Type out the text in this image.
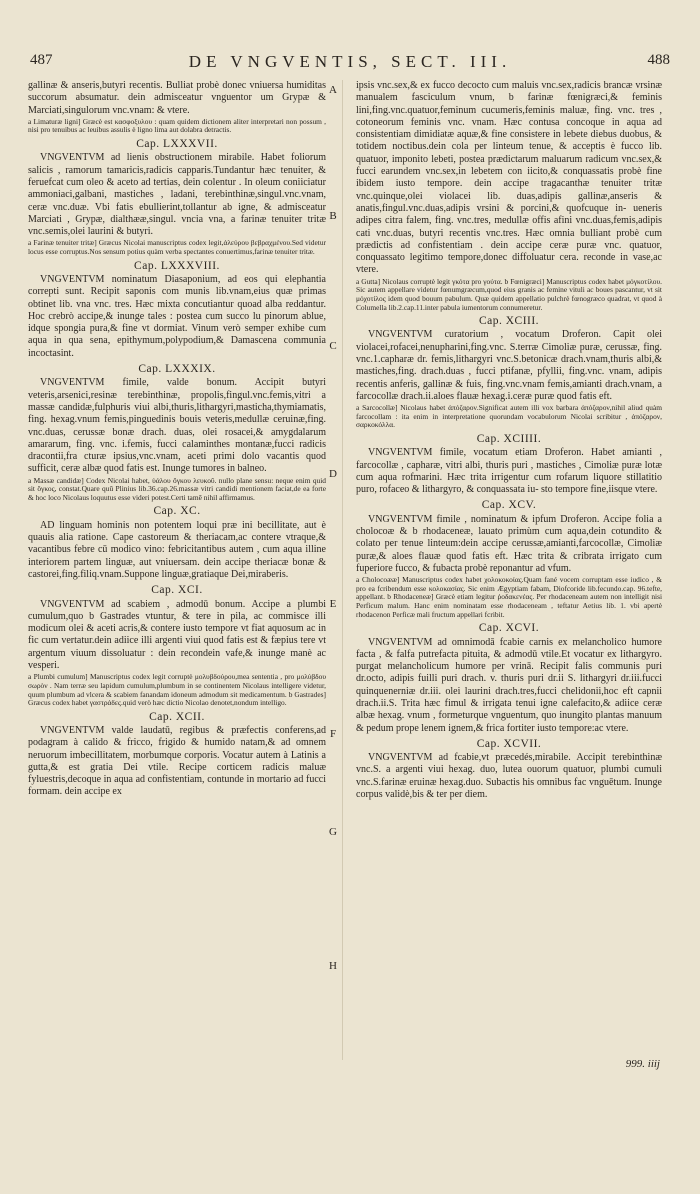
487	DE VNGVENTIS, SECT. III.	488
A
B
C
D
E
F
G
H

gallinæ & anseris,butyri recentis. Bulliat probè donec vniuersa humiditas succorum absumatur. dein admisceatur vnguentor um Grypæ & Marciati,singulorum vnc.vnam: & vtere.

a Limaturæ ligni] Græcè est κασφοξυλου : quam quidem dictionem aliter interpretari non possum , nisi pro tenuibus ac leuibus assulis è ligno lima aut dolabra detractis.

Cap. LXXXVII.

VNGVENTVM ad lienis obstructionem mirabile. Habet foliorum salicis , ramorum tamaricis,radicis capparis.Tundantur hæc tenuiter, & feruefcat cum oleo & aceto ad tertias, dein colentur . In oleum coniiciatur ammoniaci,galbani, mastiches , ladani, terebinthinæ,singul.vnc.vnam, ceræ vnc.duæ. Vbi fatis ebullierint,tollantur ab igne, & admisceatur Marciati , Grypæ, dialthææ,singul. vncia vna, a farinæ tenuiter tritæ vnc.semis,olei laurini & butyri.

a Farinæ tenuiter tritæ] Græcus Nicolai manuscriptus codex legit,ἀλεύρου βεβραχμένου.Sed videtur locus esse corruptus.Nos sensum potius quàm verba spectantes conuertimus,farinæ tenuiter tritæ.

Cap. LXXXVIII.

VNGVENTVM nominatum Diasaponium, ad eos qui elephantia correpti sunt. Recipit saponis com munis lib.vnam,eius quæ primas obtinet lib. vna vnc. tres. Hæc mixta concutiantur quoad alba reddantur. Hoc crebrò accipe,& inunge tales : postea cum succo lu pinorum ablue, idque spongia pura,& fine vt dormiat. Vinum verò semper exhibe cum aqua in qua sena, epithymum,polypodium,& Damascena communia incoctasint.

Cap. LXXXIX.

VNGVENTVM fimile, valde bonum. Accipit butyri veteris,arsenici,resinæ terebinthinæ, propolis,fingul.vnc.femis,vitri a massæ candidæ,fulphuris viui albi,thuris,lithargyri,masticha,thymiamatis, fing. hexag.vnum femis,pinguedinis bouis veteris,medullæ ceruinæ,fing. vnc.duas, cerussæ bonæ drach. duas, olei rosacei,& amygdalarum amararum, fing. vnc. i.femis, fucci calaminthes montanæ,fucci radicis dracontii,fra cturæ ipsius,vnc.vnam, aceti primi dolo vacantis quod sufficit, ceræ albæ quod fatis est. Inunge tumores in balneo.

a Massæ candidæ] Codex Nicolai habet, ὑάλου ὄγκου λευκοῦ. nullo plane sensu: neque enim quid sit ὄγκος, constat.Quare quū Plinius lib.36.cap.26.massæ vitri candidi mentionem faciat,de ea forte & hoc loco Nicolaus loquutus esse videri potest.Certi tamē nihil affirmamus.

Cap. XC.

AD linguam hominis non potentem loqui præ ini becillitate, aut è quauis alia ratione. Cape castoreum & theriacam,ac contere vtraque,& vacantibus febre cū modico vino: febricitantibus autem , cum aqua illine interiorem partem linguæ, aut vniuersam. dein accipe theriacæ bonæ & castorei,fing.filiq.vnam.Suppone linguæ,gratiaque Dei,miraberis.

Cap. XCI.

VNGVENTVM ad scabiem , admodū bonum. Accipe a plumbi cumulum,quo b Gastrades vtuntur, & tere in pila, ac commisce illi modicum olei & aceti acris,& contere iusto tempore vt fiat aquosum ac in fic cum vertatur.dein adiice illi argenti viui quod fatis est & fæpius tere vt argentum viuum dissoluatur : dein recondein vafe,& inunge manè ac vesperi.

a Plumbi cumulum] Manuscriptus codex legit corruptè μολυβδούρου,mea sententia , pro μολύβδου σωρὸν . Nam terræ seu lapidum cumulum,plumbum in se continentem Nicolaus intelligere videtur, quum plumbum ad vlcera & scabiem fanandam idoneum admodum sit medicamentum. b Gastrades] Græcus codex habet γαστράδες.quid verò hæc dictio Nicolao denotet,nondum intelligo.

Cap. XCII.

VNGVENTVM valde laudatū, regibus & præfectis conferens,ad podagram à calido & fricco, frigido & humido natam,& ad omnem neruorum imbecillitatem, morbumque corporis. Vocatur autem à Latinis a gutta,& est gratia Dei vtile. Recipe corticem radicis maluæ fyluestris,decoque in aqua ad confistentiam, contunde in mortario ad fucci formam. dein accipe ex

ipsis vnc.sex,& ex fucco decocto cum maluis vnc.sex,radicis brancæ vrsinæ manualem fasciculum vnum, b farinæ fœnigræci,& feminis lini,fing.vnc.quatuor,feminum cucumeris,feminis maluæ, fing. vnc. tres , cotoneorum feminis vnc. vnam. Hæc contusa concoque in aqua ad consistentiam dimidiatæ aquæ,& fine consistere in lebete diebus duobus, & totidem noctibus.dein cola per linteum tenue, & acceptis è fucco lib. quatuor, imponito lebeti, postea prædictarum maluarum radicum vnc.sex,& fucci earundem vnc.sex,in lebetem con iicito,& conquassatis probè fine ibidem iusto tempore. dein accipe tragacanthæ tenuiter tritæ vnc.quinque,olei violacei lib. duas,adipis gallinæ,anseris & anatis,fingul.vnc.duas,adipis vrsini & porcini,& quofcuque in- ueneris adipes citra falem, fing. vnc.tres, medullæ offis afini vnc.duas,femis,adipis cati vnc.duas, butyri recentis vnc.tres. Hæc omnia bulliant probè cum prædictis ad confistentiam . dein accipe ceræ puræ vnc. quatuor, conquassato legitimo tempore,donec diffoluatur cera. recondе in vase,ac vtere.

a Gutta] Nicolaus corruptè legit γκότα pro γούτα. b Fœnigræci] Manuscriptus codex habet μόγκοτίλου. Sic autem appellare videtur fœnumgræcum,quod eius granis ac femine vituli ac boues pascantur, vt sit μόχοτίλος idem quod bouum pabulum. Quæ quidem appellatio pulchrè fœnogræco quadrat, vt quod à Columella lib.2.cap.11.inter pabula iumentorum connumeretur.

Cap. XCIII.

VNGVENTVM curatorium , vocatum Droferon. Capit olei violacei,rofacei,nenupharini,fing.vnc. S.terræ Cimoliæ puræ, cerussæ, fing. vnc.1.capharæ dr. femis,lithargyri vnc.S.betonicæ drach.vnam,thuris albi,& mastiches,fing. drach.duas , fucci ptifanæ, pfyllii, fing.vnc. vnam, adipis recentis anferis, gallinæ & fuis, fing.vnc.vnam femis,amianti drach.vnam, a farcocollæ drach.ii.aloes flauæ hexag.i.ceræ puræ quod fatis eft.

a Sarcocollæ] Nicolaus habet ἀπόζαρον.Significat autem illi vox barbara ἀπόζαρον,nihil aliud quàm farcocollam : ita enim in interpretatione quorundam vocabulorum Nicolai scribitur , ἀπόζαρον, σαρκοκόλλα.

Cap. XCIIII.

VNGVENTVM fimile, vocatum etiam Droferon. Habet amianti , farcocollæ , capharæ, vitri albi, thuris puri , mastiches , Cimoliæ puræ lotæ cum aqua rofmarini. Hæc trita irrigentur cum rofarum liquore stillatitio puro, rofaceo & lithargyro, & conquassata iu- sto tempore fine,iisque vtere.

Cap. XCV.

VNGVENTVM fimile , nominatum & ipfum Droferon. Accipe folia a cholocoæ & b rhodaceneæ, lauato primùm cum aqua,dein cotundito & colato per tenue linteum:dein accipe cerussæ,amianti,farcocollæ, Cimoliæ puræ,& aloes flauæ quod fatis eft. Hæc trita & cribrata irrigato cum fuperiore fucco, & fubacta probè reponantur ad vfum.

a Cholocoææ] Manuscriptus codex habet χολοκοκοίας.Quam fané vocem corruptam esse iudico , & pro ea fcribendum esse κολοκασίας. Sic enim Ægyptiam fabam, Diofcoride lib.fecundo.cap. 96.tefte, appellant. b Rhodaceneæ] Græcè etiam legitur ῥοδακενέας. Per rhodaceneam autem non intelligit nisi Perficum malum. Hanc enim nominatam esse rhodaceneam , teftatur Aetius lib. 1. vbi apertè rhodacenon Perficæ mali fructum appellari fcribit.

Cap. XCVI.

VNGVENTVM ad omnimodā fcabie carnis ex melancholico humore facta , & falfa putrefacta pituita, & admodū vtile.Et vocatur ex lithargyro. purgat melancholicum humore per vrinā. Recipit falis communis puri dr.octo, adipis fuilli puri drach. v. thuris puri dr.ii S. lithargyri dr.iii.fucci quinquenerniæ dr.iii. olei laurini drach.tres,fucci chelidonii,hoc eft capnii drach.ii.S. Trita hæc fimul & irrigata tenui igne calefacito,& adiice ceræ albæ hexag. vnum , formeturque vnguentum, quo inungito plantas manuum & pedum prope lenem ignem,& frica fortiter iusto tempore:ac vtere.

Cap. XCVII.

VNGVENTVM ad fcabie,vt præcedés,mirabile. Accipit terebinthinæ vnc.S. a argenti viui hexag. duo, lutea ouorum quatuor, plumbi cumuli vnc.S.farinæ eruinæ hexag.duo. Subactis his omnibus fac vnguētum. Inunge corpus validè,bis & ter per diem.

999. iiij
